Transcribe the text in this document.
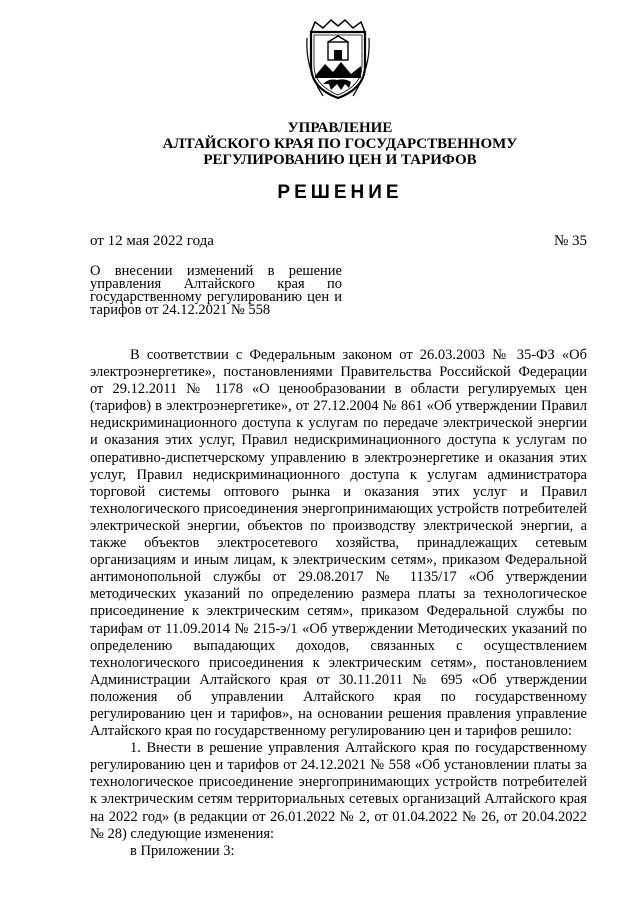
УПРАВЛЕНИЕ
АЛТАЙСКОГО КРАЯ ПО ГОСУДАРСТВЕННОМУ
РЕГУЛИРОВАНИЮ ЦЕН И ТАРИФОВ
РЕШЕНИЕ
от 12 мая 2022 года	№ 35
О внесении изменений в решение управления Алтайского края по государственному регулированию цен и тарифов от 24.12.2021 № 558

В соответствии с Федеральным законом от 26.03.2003 № 35-ФЗ «Об электроэнергетике», постановлениями Правительства Российской Федерации от 29.12.2011 № 1178 «О ценообразовании в области регулируемых цен (тарифов) в электроэнергетике», от 27.12.2004 № 861 «Об утверждении Правил недискриминационного доступа к услугам по передаче электрической энергии и оказания этих услуг, Правил недискриминационного доступа к услугам по оперативно-диспетчерскому управлению в электроэнергетике и оказания этих услуг, Правил недискриминационного доступа к услугам администратора торговой системы оптового рынка и оказания этих услуг и Правил технологического присоединения энергопринимающих устройств потребителей электрической энергии, объектов по производству электрической энергии, а также объектов электросетевого хозяйства, принадлежащих сетевым организациям и иным лицам, к электрическим сетям», приказом Федеральной антимонопольной службы от 29.08.2017 № 1135/17 «Об утверждении методических указаний по определению размера платы за технологическое присоединение к электрическим сетям», приказом Федеральной службы по тарифам от 11.09.2014 № 215-э/1 «Об утверждении Методических указаний по определению выпадающих доходов, связанных с осуществлением технологического присоединения к электрическим сетям», постановлением Администрации Алтайского края от 30.11.2011 № 695 «Об утверждении положения об управлении Алтайского края по государственному регулированию цен и тарифов», на основании решения правления управление Алтайского края по государственному регулированию цен и тарифов решило:

1. Внести в решение управления Алтайского края по государственному регулированию цен и тарифов от 24.12.2021 № 558 «Об установлении платы за технологическое присоединение энергопринимающих устройств потребителей к электрическим сетям территориальных сетевых организаций Алтайского края на 2022 год» (в редакции от 26.01.2022 № 2, от 01.04.2022 № 26, от 20.04.2022 № 28) следующие изменения:

в Приложении 3:
